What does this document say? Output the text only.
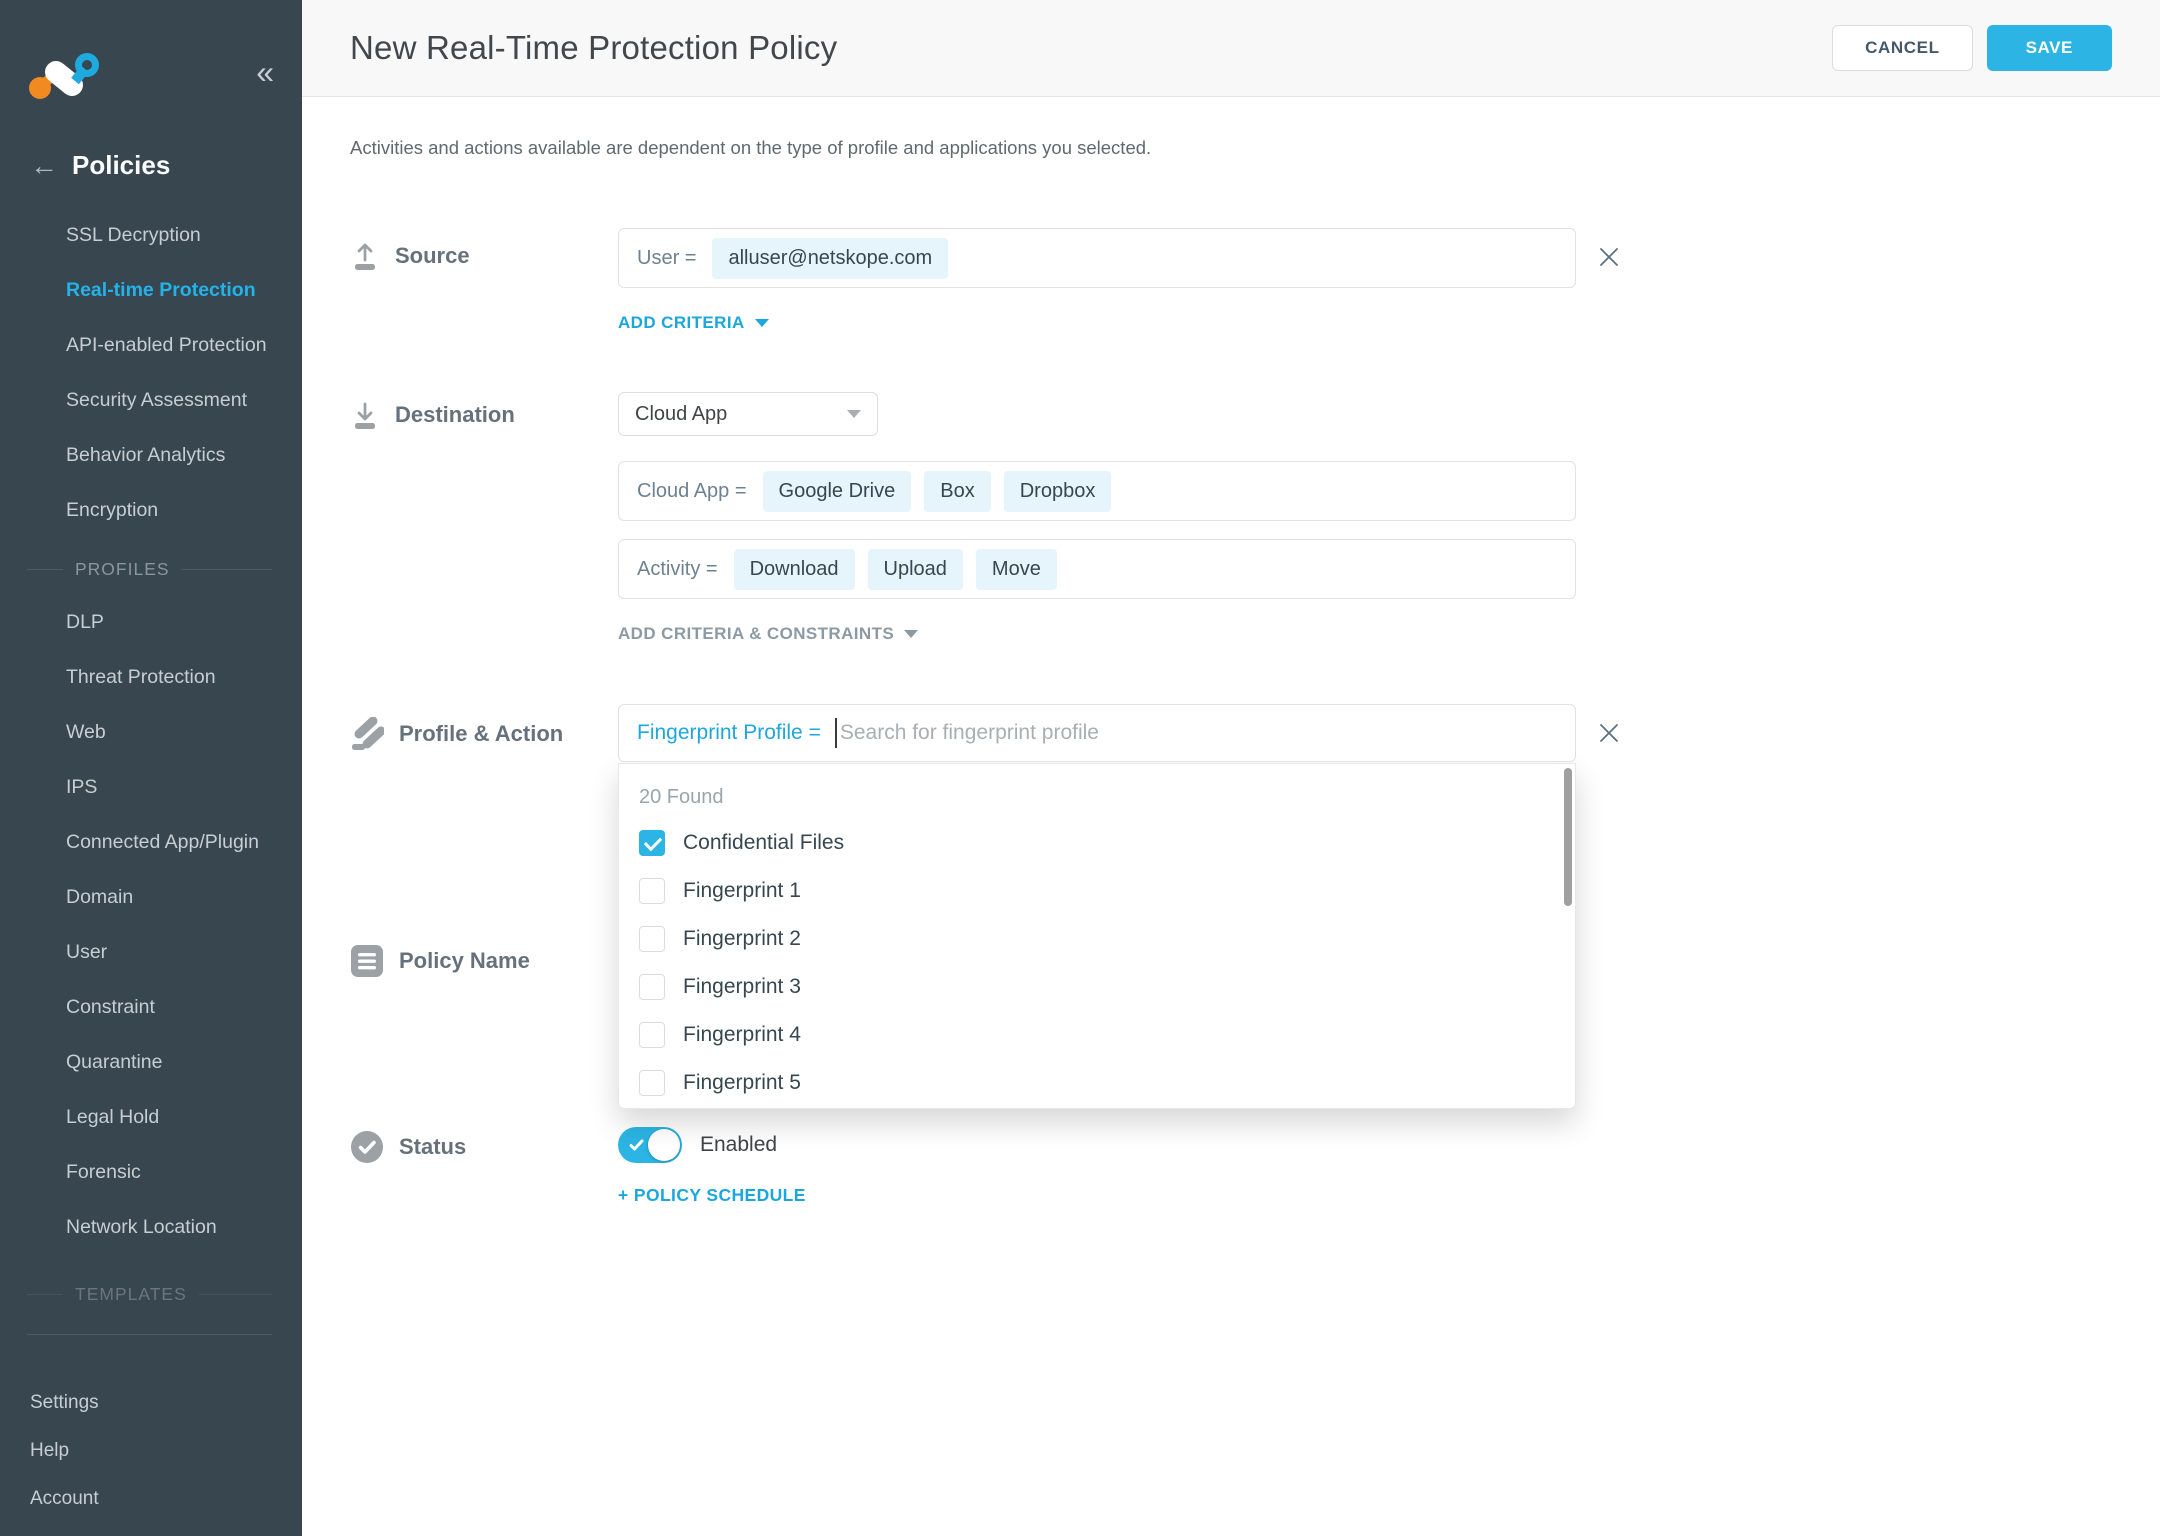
«
← Policies
SSL Decryption
Real-time Protection
API-enabled Protection
Security Assessment
Behavior Analytics
Encryption
PROFILES
DLP
Threat Protection
Web
IPS
Connected App/Plugin
Domain
User
Constraint
Quarantine
Legal Hold
Forensic
Network Location
TEMPLATES
Settings
Help
Account
New Real-Time Protection Policy	CANCEL	SAVE
Activities and actions available are dependent on the type of profile and applications you selected.
Source	User =	alluser@netskope.com
ADD CRITERIA
Destination	Cloud App
Cloud App =	Google Drive	Box	Dropbox
Activity =	Download	Upload	Move
ADD CRITERIA & CONSTRAINTS
Profile & Action	Fingerprint Profile =
Search for fingerprint profile
20 Found
Confidential Files
Fingerprint 1
Fingerprint 2
Fingerprint 3
Fingerprint 4
Fingerprint 5
Policy Name
Status	Enabled
+ POLICY SCHEDULE
